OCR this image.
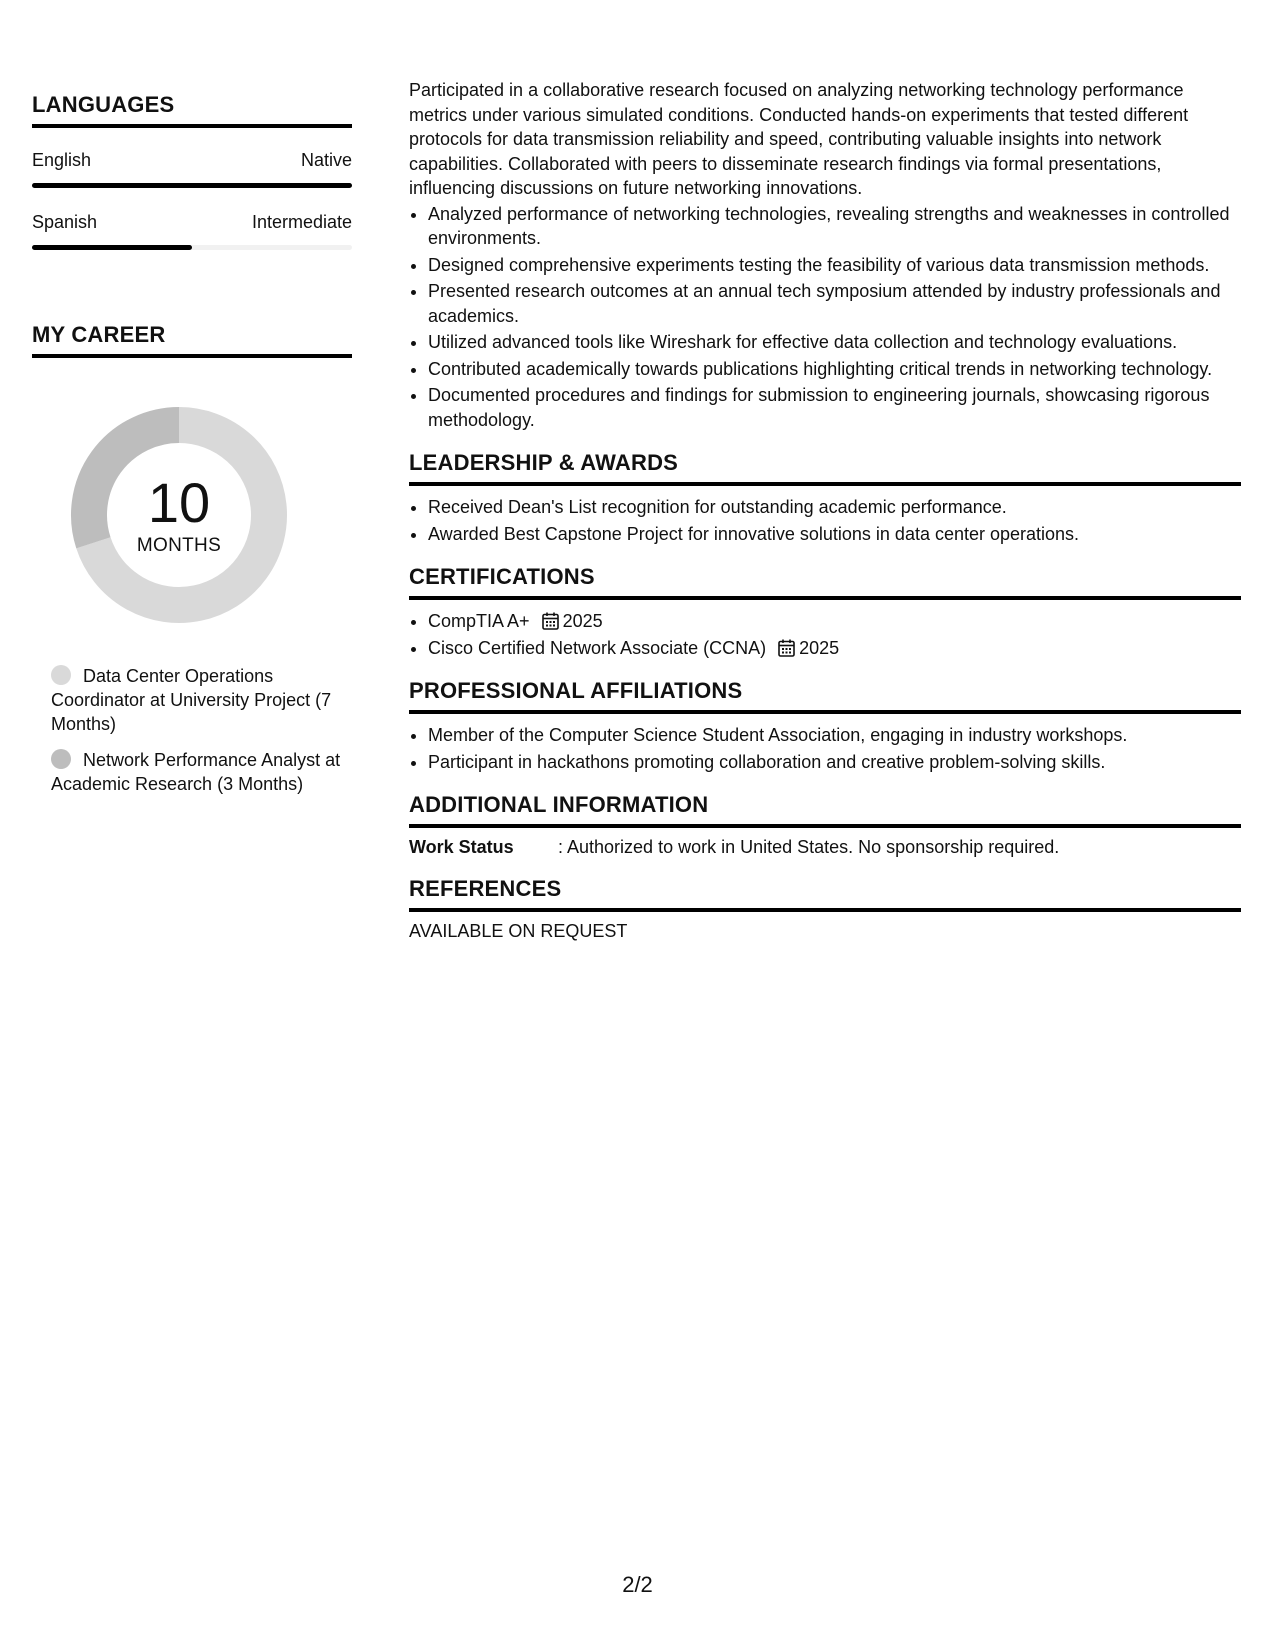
LANGUAGES
English	Native
Spanish	Intermediate
MY CAREER
10
MONTHS
Data Center Operations Coordinator at University Project (7 Months)
Network Performance Analyst at Academic Research (3 Months)

Participated in a collaborative research focused on analyzing networking technology performance metrics under various simulated conditions. Conducted hands-on experiments that tested different protocols for data transmission reliability and speed, contributing valuable insights into network capabilities. Collaborated with peers to disseminate research findings via formal presentations, influencing discussions on future networking innovations.

• Analyzed performance of networking technologies, revealing strengths and weaknesses in controlled environments.
• Designed comprehensive experiments testing the feasibility of various data transmission methods.
• Presented research outcomes at an annual tech symposium attended by industry professionals and academics.
• Utilized advanced tools like Wireshark for effective data collection and technology evaluations.
• Contributed academically towards publications highlighting critical trends in networking technology.
• Documented procedures and findings for submission to engineering journals, showcasing rigorous methodology.
LEADERSHIP & AWARDS
• Received Dean's List recognition for outstanding academic performance.
• Awarded Best Capstone Project for innovative solutions in data center operations.
CERTIFICATIONS
• CompTIA A+ 2025
• Cisco Certified Network Associate (CCNA) 2025
PROFESSIONAL AFFILIATIONS
• Member of the Computer Science Student Association, engaging in industry workshops.
• Participant in hackathons promoting collaboration and creative problem-solving skills.
ADDITIONAL INFORMATION
Work Status	: Authorized to work in United States. No sponsorship required.
REFERENCES
AVAILABLE ON REQUEST
2/2
